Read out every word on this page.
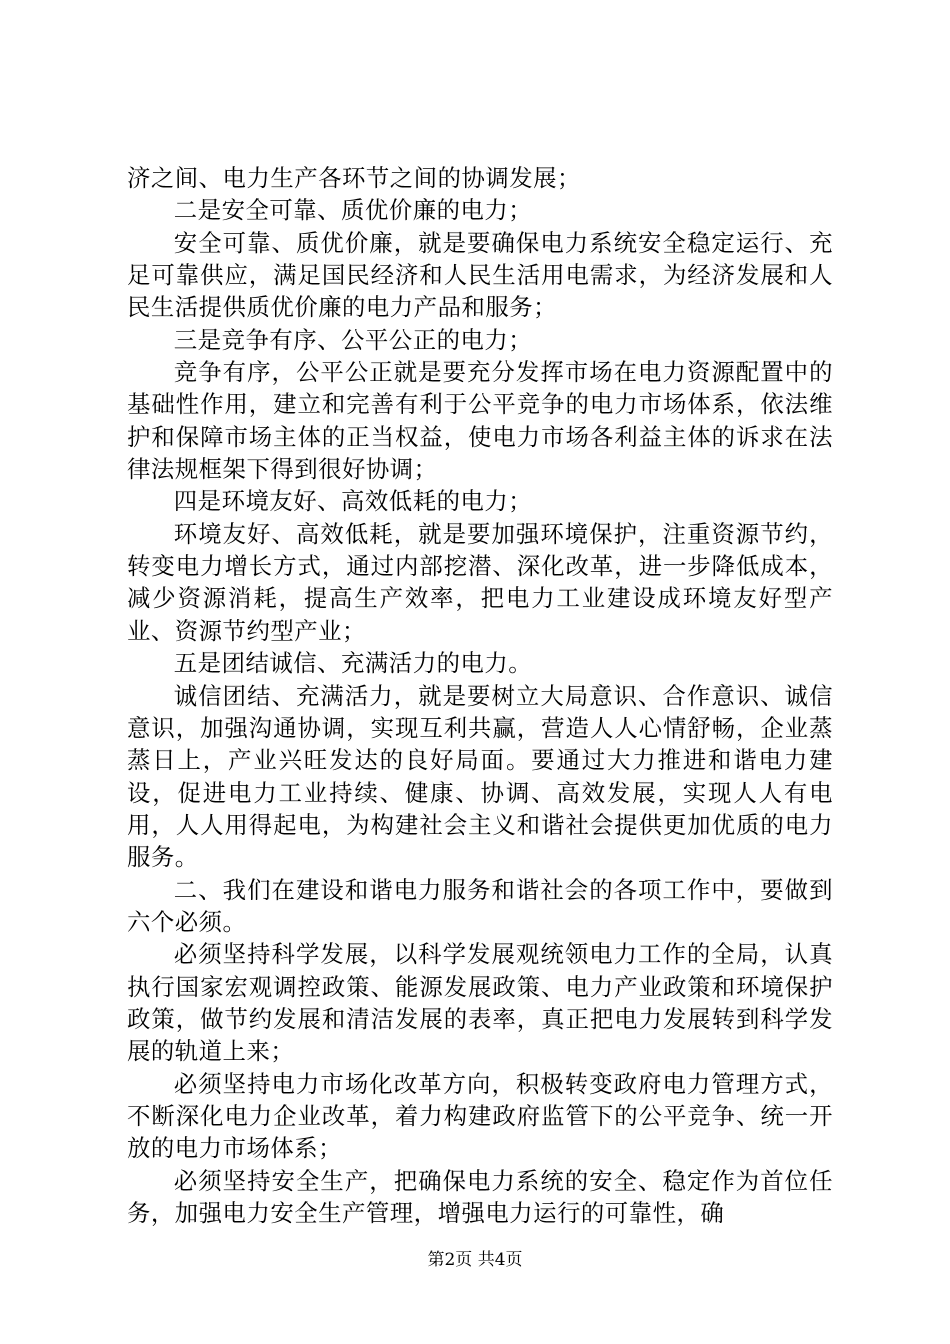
济之间、电力生产各环节之间的协调发展；

二是安全可靠、质优价廉的电力；

安全可靠、质优价廉，就是要确保电力系统安全稳定运行、充足可靠供应，满足国民经济和人民生活用电需求，为经济发展和人民生活提供质优价廉的电力产品和服务；

三是竞争有序、公平公正的电力；

竞争有序，公平公正就是要充分发挥市场在电力资源配置中的基础性作用，建立和完善有利于公平竞争的电力市场体系，依法维护和保障市场主体的正当权益，使电力市场各利益主体的诉求在法律法规框架下得到很好协调；

四是环境友好、高效低耗的电力；

环境友好、高效低耗，就是要加强环境保护，注重资源节约，转变电力增长方式，通过内部挖潜、深化改革，进一步降低成本，减少资源消耗，提高生产效率，把电力工业建设成环境友好型产业、资源节约型产业；

五是团结诚信、充满活力的电力。

诚信团结、充满活力，就是要树立大局意识、合作意识、诚信意识，加强沟通协调，实现互利共赢，营造人人心情舒畅，企业蒸蒸日上，产业兴旺发达的良好局面。要通过大力推进和谐电力建设，促进电力工业持续、健康、协调、高效发展，实现人人有电用，人人用得起电，为构建社会主义和谐社会提供更加优质的电力服务。

二、我们在建设和谐电力服务和谐社会的各项工作中，要做到六个必须。

必须坚持科学发展，以科学发展观统领电力工作的全局，认真执行国家宏观调控政策、能源发展政策、电力产业政策和环境保护政策，做节约发展和清洁发展的表率，真正把电力发展转到科学发展的轨道上来；

必须坚持电力市场化改革方向，积极转变政府电力管理方式，不断深化电力企业改革，着力构建政府监管下的公平竞争、统一开放的电力市场体系；

必须坚持安全生产，把确保电力系统的安全、稳定作为首位任务，加强电力安全生产管理，增强电力运行的可靠性，确

第2页 共4页
